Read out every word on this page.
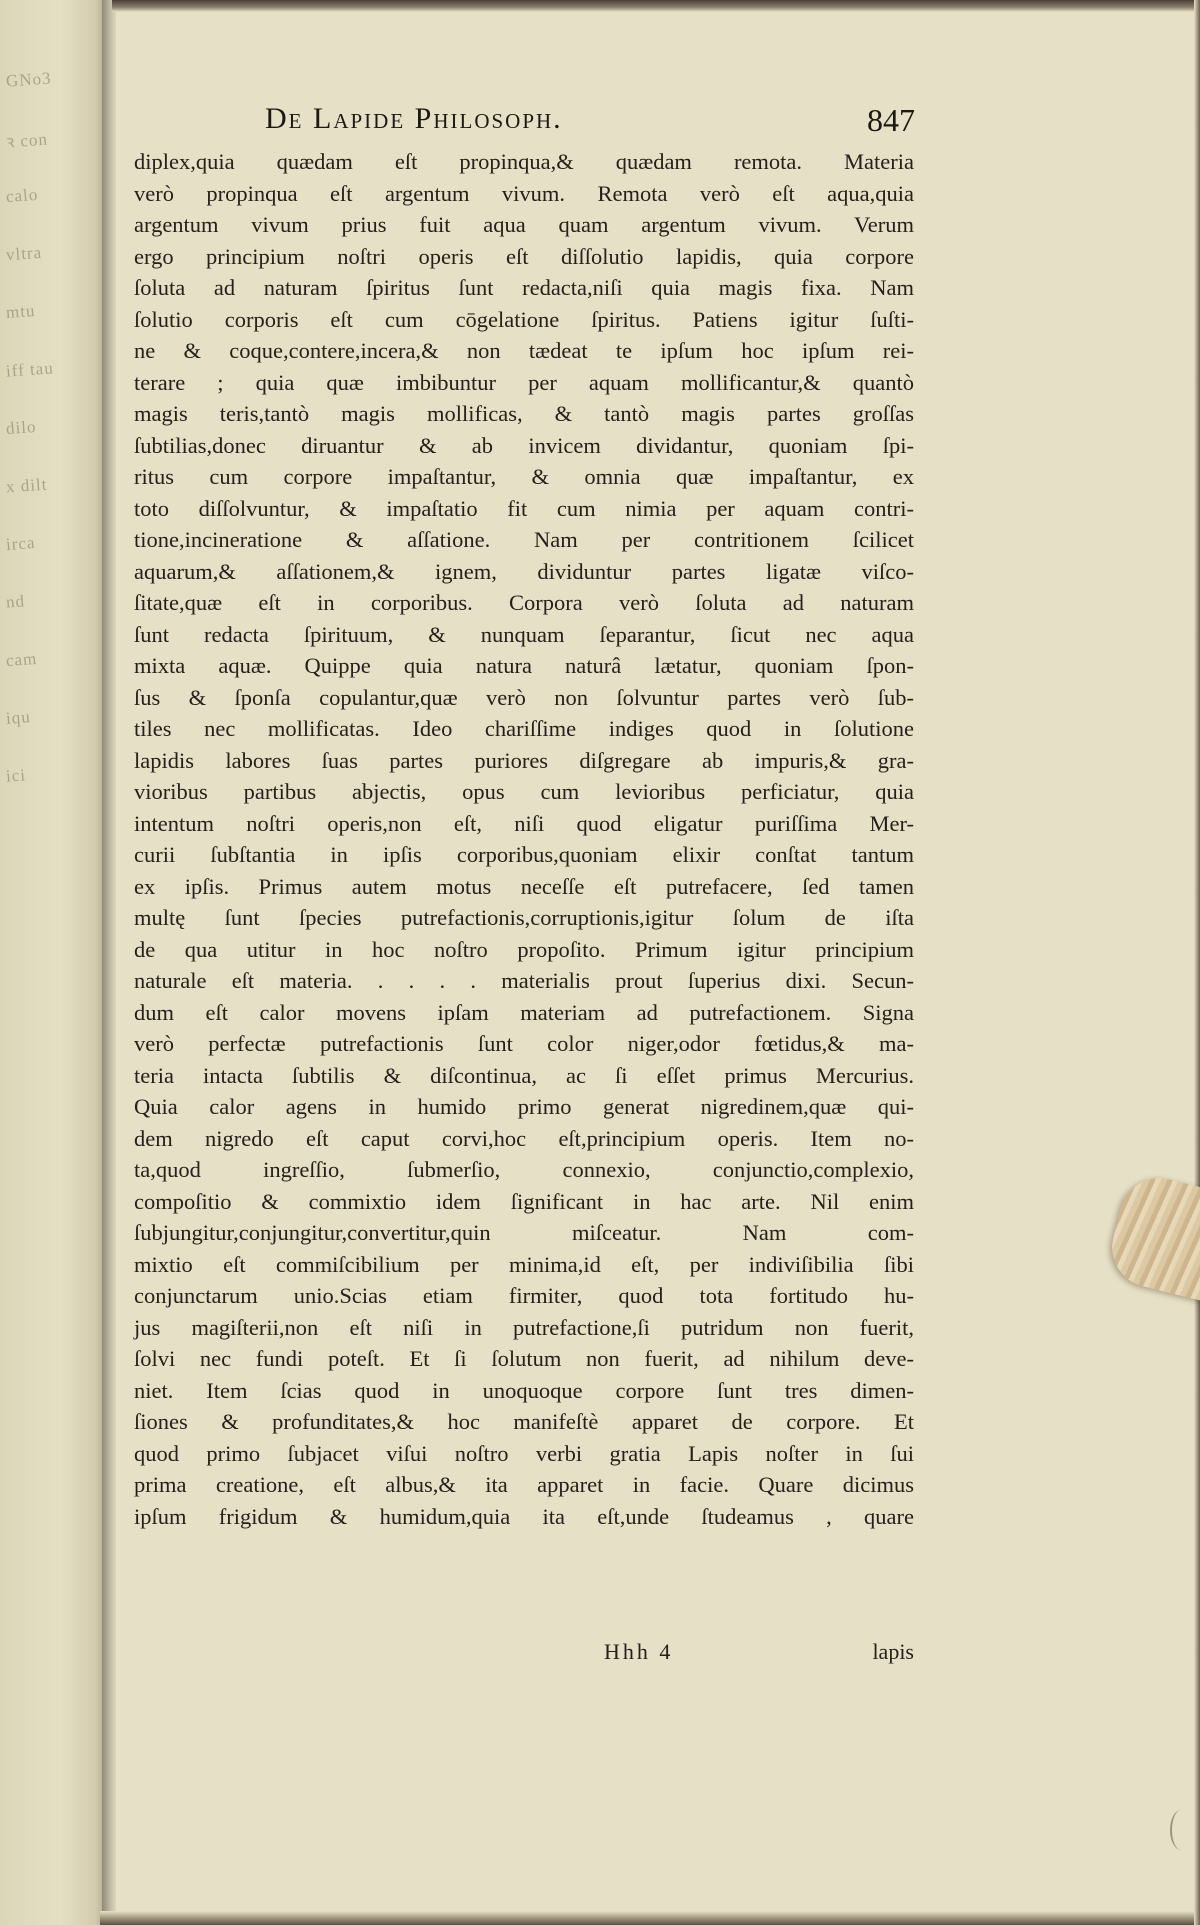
GNo3
ꝛ con
calo
vltra
mtu
iff tau
dilo
x dilt
irca
nd
cam
iqu
ici
De Lapide Philosoph.	847
diplex,quia quædam eſt propinqua,& quædam remota. Materia
verò propinqua eſt argentum vivum. Remota verò eſt aqua,quia
argentum vivum prius fuit aqua quam argentum vivum. Verum
ergo principium noſtri operis eſt diſſolutio lapidis, quia corpore
ſoluta ad naturam ſpiritus ſunt redacta,niſi quia magis fixa. Nam
ſolutio corporis eſt cum cōgelatione ſpiritus. Patiens igitur ſuſti-
ne & coque,contere,incera,& non tædeat te ipſum hoc ipſum rei-
terare ; quia quæ imbibuntur per aquam mollificantur,& quantò
magis teris,tantò magis mollificas, & tantò magis partes groſſas
ſubtilias,donec diruantur & ab invicem dividantur, quoniam ſpi-
ritus cum corpore impaſtantur, & omnia quæ impaſtantur, ex
toto diſſolvuntur, & impaſtatio fit cum nimia per aquam contri-
tione,incineratione & aſſatione. Nam per contritionem ſcilicet
aquarum,& aſſationem,& ignem, dividuntur partes ligatæ viſco-
ſitate,quæ eſt in corporibus. Corpora verò ſoluta ad naturam
ſunt redacta ſpirituum, & nunquam ſeparantur, ſicut nec aqua
mixta aquæ. Quippe quia natura naturâ lætatur, quoniam ſpon-
ſus & ſponſa copulantur,quæ verò non ſolvuntur partes verò ſub-
tiles nec mollificatas. Ideo chariſſime indiges quod in ſolutione
lapidis labores ſuas partes puriores diſgregare ab impuris,& gra-
vioribus partibus abjectis, opus cum levioribus perficiatur, quia
intentum noſtri operis,non eſt, niſi quod eligatur puriſſima Mer-
curii ſubſtantia in ipſis corporibus,quoniam elixir conſtat tantum
ex ipſis. Primus autem motus neceſſe eſt putrefacere, ſed tamen
multę ſunt ſpecies putrefactionis,corruptionis,igitur ſolum de iſta
de qua utitur in hoc noſtro propoſito. Primum igitur principium
naturale eſt materia. . . . . materialis prout ſuperius dixi. Secun-
dum eſt calor movens ipſam materiam ad putrefactionem. Signa
verò perfectæ putrefactionis ſunt color niger,odor fœtidus,& ma-
teria intacta ſubtilis & diſcontinua, ac ſi eſſet primus Mercurius.
Quia calor agens in humido primo generat nigredinem,quæ qui-
dem nigredo eſt caput corvi,hoc eſt,principium operis. Item no-
ta,quod ingreſſio, ſubmerſio, connexio, conjunctio,complexio,
compoſitio & commixtio idem ſignificant in hac arte. Nil enim
ſubjungitur,conjungitur,convertitur,quin miſceatur. Nam com-
mixtio eſt commiſcibilium per minima,id eſt, per indiviſibilia ſibi
conjunctarum unio.Scias etiam firmiter, quod tota fortitudo hu-
jus magiſterii,non eſt niſi in putrefactione,ſi putridum non fuerit,
ſolvi nec fundi poteſt. Et ſi ſolutum non fuerit, ad nihilum deve-
niet. Item ſcias quod in unoquoque corpore ſunt tres dimen-
ſiones & profunditates,& hoc manifeſtè apparet de corpore. Et
quod primo ſubjacet viſui noſtro verbi gratia Lapis noſter in ſui
prima creatione, eſt albus,& ita apparet in facie. Quare dicimus
ipſum frigidum & humidum,quia ita eſt,unde ſtudeamus , quare
Hhh 4	lapis
